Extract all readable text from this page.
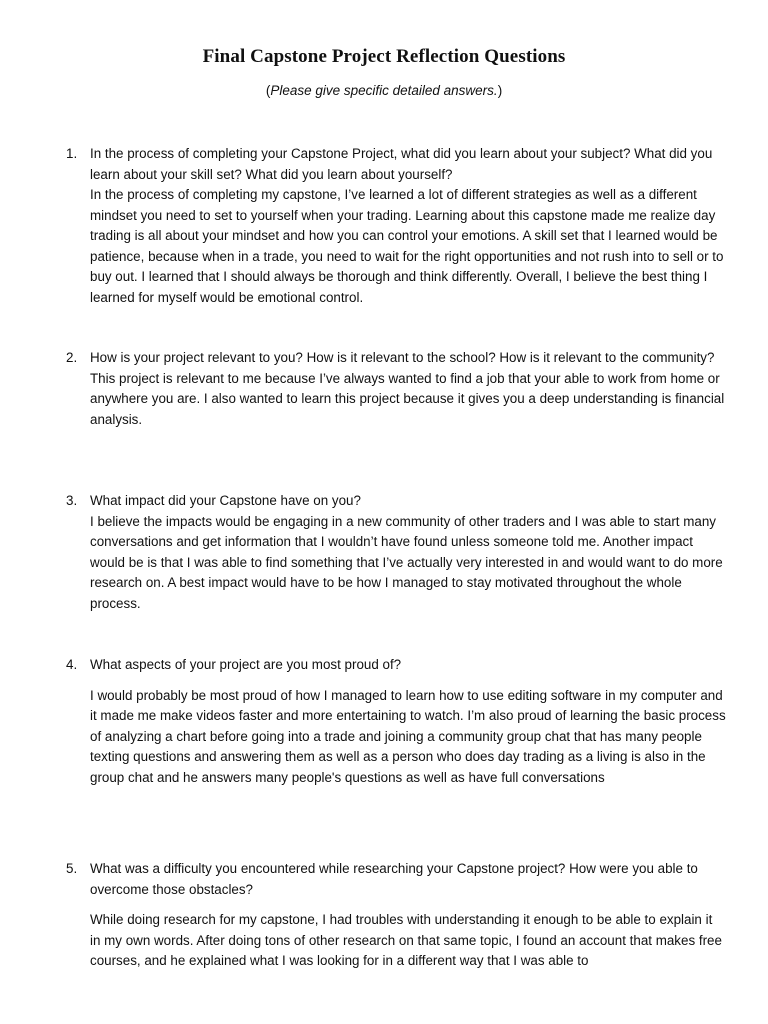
Final Capstone Project Reflection Questions
(Please give specific detailed answers.)
1. In the process of completing your Capstone Project, what did you learn about your subject? What did you learn about your skill set? What did you learn about yourself?
In the process of completing my capstone, I’ve learned a lot of different strategies as well as a different mindset you need to set to yourself when your trading. Learning about this capstone made me realize day trading is all about your mindset and how you can control your emotions. A skill set that I learned would be patience, because when in a trade, you need to wait for the right opportunities and not rush into to sell or to buy out. I learned that I should always be thorough and think differently. Overall, I believe the best thing I learned for myself would be emotional control.
2. How is your project relevant to you? How is it relevant to the school? How is it relevant to the community?
This project is relevant to me because I’ve always wanted to find a job that your able to work from home or anywhere you are. I also wanted to learn this project because it gives you a deep understanding is financial analysis.
3. What impact did your Capstone have on you?
I believe the impacts would be engaging in a new community of other traders and I was able to start many conversations and get information that I wouldn’t have found unless someone told me. Another impact would be is that I was able to find something that I’ve actually very interested in and would want to do more research on. A best impact would have to be how I managed to stay motivated throughout the whole process.
4. What aspects of your project are you most proud of?
I would probably be most proud of how I managed to learn how to use editing software in my computer and it made me make videos faster and more entertaining to watch. I’m also proud of learning the basic process of analyzing a chart before going into a trade and joining a community group chat that has many people texting questions and answering them as well as a person who does day trading as a living is also in the group chat and he answers many people's questions as well as have full conversations
5. What was a difficulty you encountered while researching your Capstone project? How were you able to overcome those obstacles?
While doing research for my capstone, I had troubles with understanding it enough to be able to explain it in my own words. After doing tons of other research on that same topic, I found an account that makes free courses, and he explained what I was looking for in a different way that I was able to
